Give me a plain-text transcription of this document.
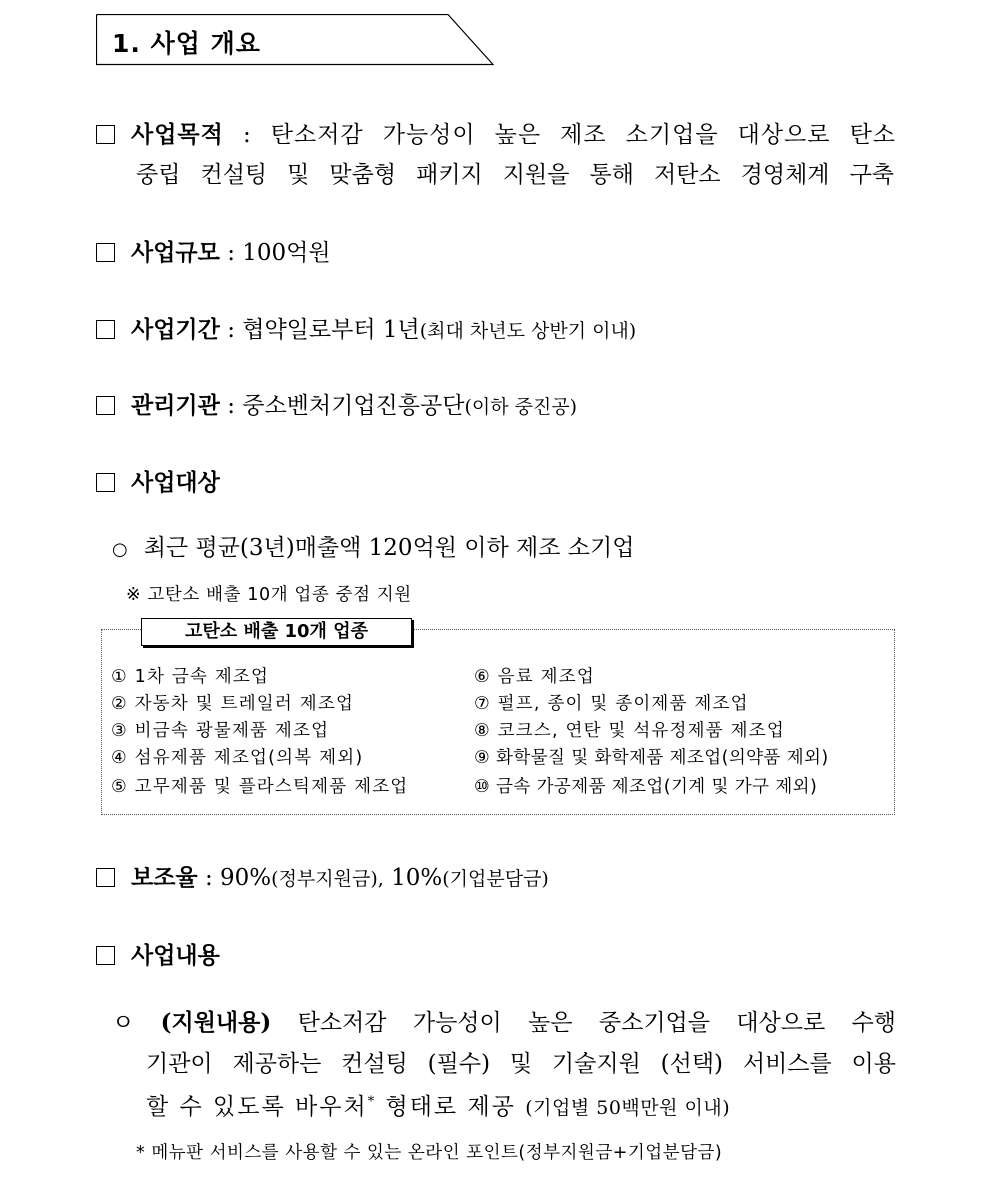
1. 사업 개요
사업목적 : 탄소저감 가능성이 높은 제조 소기업을 대상으로 탄소
중립 컨설팅 및 맞춤형 패키지 지원을 통해 저탄소 경영체계 구축
사업규모 : 100억원
사업기간 : 협약일로부터 1년(최대 차년도 상반기 이내)
관리기관 : 중소벤처기업진흥공단(이하 중진공)
사업대상
○ 최근 평균(3년)매출액 120억원 이하 제조 소기업
※ 고탄소 배출 10개 업종 중점 지원
고탄소 배출 10개 업종
① 1차 금속 제조업
② 자동차 및 트레일러 제조업
③ 비금속 광물제품 제조업
④ 섬유제품 제조업(의복 제외)
⑤ 고무제품 및 플라스틱제품 제조업
⑥ 음료 제조업
⑦ 펄프, 종이 및 종이제품 제조업
⑧ 코크스, 연탄 및 석유정제품 제조업
⑨ 화학물질 및 화학제품 제조업(의약품 제외)
⑩ 금속 가공제품 제조업(기계 및 가구 제외)
보조율 : 90%(정부지원금), 10%(기업분담금)
사업내용
ㅇ (지원내용) 탄소저감 가능성이 높은 중소기업을 대상으로 수행
기관이 제공하는 컨설팅 (필수) 및 기술지원 (선택) 서비스를 이용
할 수 있도록 바우처* 형태로 제공 (기업별 50백만원 이내)
* 메뉴판 서비스를 사용할 수 있는 온라인 포인트(정부지원금+기업분담금)
